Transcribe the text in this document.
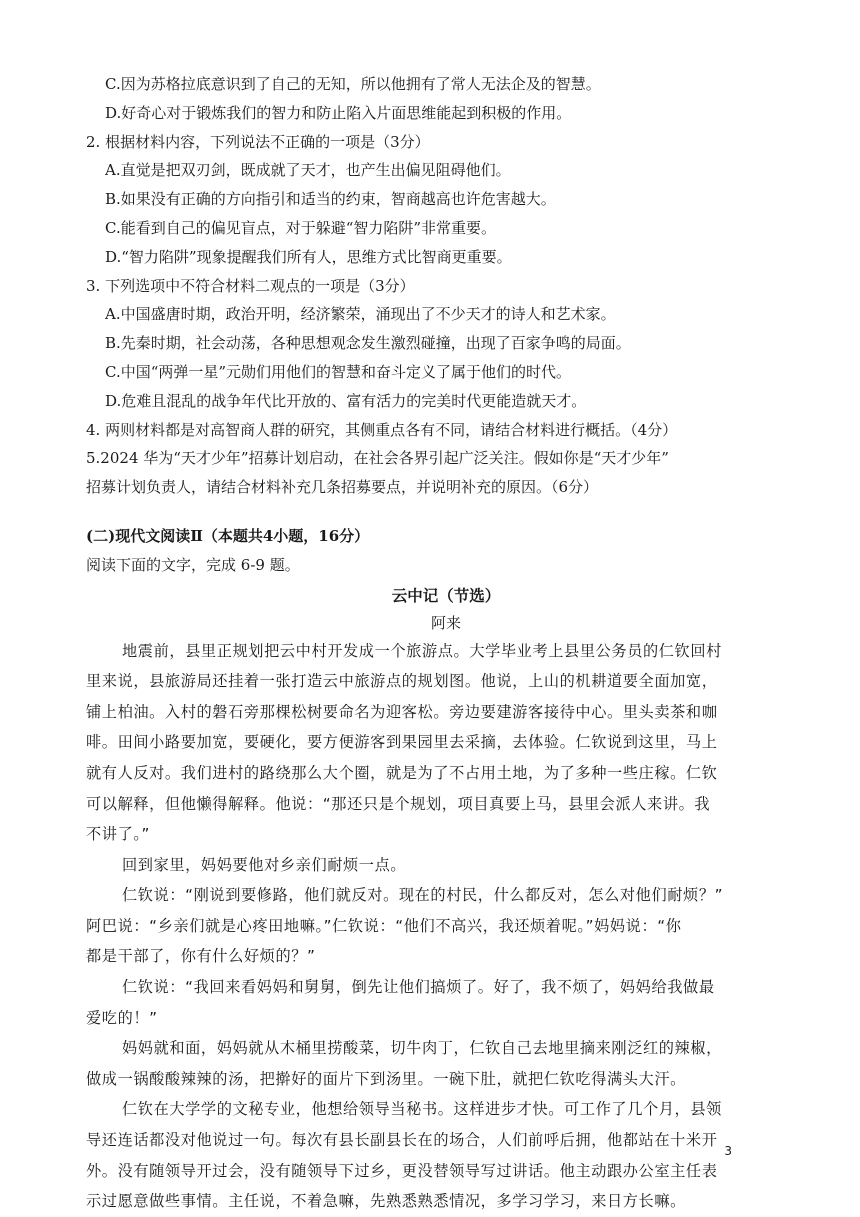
C.因为苏格拉底意识到了自己的无知，所以他拥有了常人无法企及的智慧。

D.好奇心对于锻炼我们的智力和防止陷入片面思维能起到积极的作用。

2. 根据材料内容，下列说法不正确的一项是（3分）

A.直觉是把双刃剑，既成就了天才，也产生出偏见阻碍他们。

B.如果没有正确的方向指引和适当的约束，智商越高也许危害越大。

C.能看到自己的偏见盲点，对于躲避“智力陷阱”非常重要。

D.“智力陷阱”现象提醒我们所有人，思维方式比智商更重要。

3. 下列选项中不符合材料二观点的一项是（3分）

A.中国盛唐时期，政治开明，经济繁荣，涌现出了不少天才的诗人和艺术家。

B.先秦时期，社会动荡，各种思想观念发生激烈碰撞，出现了百家争鸣的局面。

C.中国“两弹一星”元勋们用他们的智慧和奋斗定义了属于他们的时代。

D.危难且混乱的战争年代比开放的、富有活力的完美时代更能造就天才。

4. 两则材料都是对高智商人群的研究，其侧重点各有不同，请结合材料进行概括。（4分）

5.2024 华为“天才少年”招募计划启动，在社会各界引起广泛关注。假如你是“天才少年”

招募计划负责人，请结合材料补充几条招募要点，并说明补充的原因。（6分）

(二)现代文阅读Ⅱ（本题共4小题，16分）

阅读下面的文字，完成 6-9 题。

云中记（节选）
阿来

地震前，县里正规划把云中村开发成一个旅游点。大学毕业考上县里公务员的仁钦回村

里来说，县旅游局还挂着一张打造云中旅游点的规划图。他说，上山的机耕道要全面加宽，

铺上柏油。入村的磐石旁那棵松树要命名为迎客松。旁边要建游客接待中心。里头卖茶和咖

啡。田间小路要加宽，要硬化，要方便游客到果园里去采摘，去体验。仁钦说到这里，马上

就有人反对。我们进村的路绕那么大个圈，就是为了不占用土地，为了多种一些庄稼。仁钦

可以解释，但他懒得解释。他说：“那还只是个规划，项目真要上马，县里会派人来讲。我

不讲了。”

回到家里，妈妈要他对乡亲们耐烦一点。

仁钦说：“刚说到要修路，他们就反对。现在的村民，什么都反对，怎么对他们耐烦？”

阿巴说：“乡亲们就是心疼田地嘛。”仁钦说：“他们不高兴，我还烦着呢。”妈妈说：“你

都是干部了，你有什么好烦的？”

仁钦说：“我回来看妈妈和舅舅，倒先让他们搞烦了。好了，我不烦了，妈妈给我做最

爱吃的！”

妈妈就和面，妈妈就从木桶里捞酸菜，切牛肉丁，仁钦自己去地里摘来刚泛红的辣椒，

做成一锅酸酸辣辣的汤，把擀好的面片下到汤里。一碗下肚，就把仁钦吃得满头大汗。

仁钦在大学学的文秘专业，他想给领导当秘书。这样进步才快。可工作了几个月，县领

导还连话都没对他说过一句。每次有县长副县长在的场合，人们前呼后拥，他都站在十米开

外。没有随领导开过会，没有随领导下过乡，更没替领导写过讲话。他主动跟办公室主任表

示过愿意做些事情。主任说，不着急嘛，先熟悉熟悉情况，多学习学习，来日方长嘛。

3
